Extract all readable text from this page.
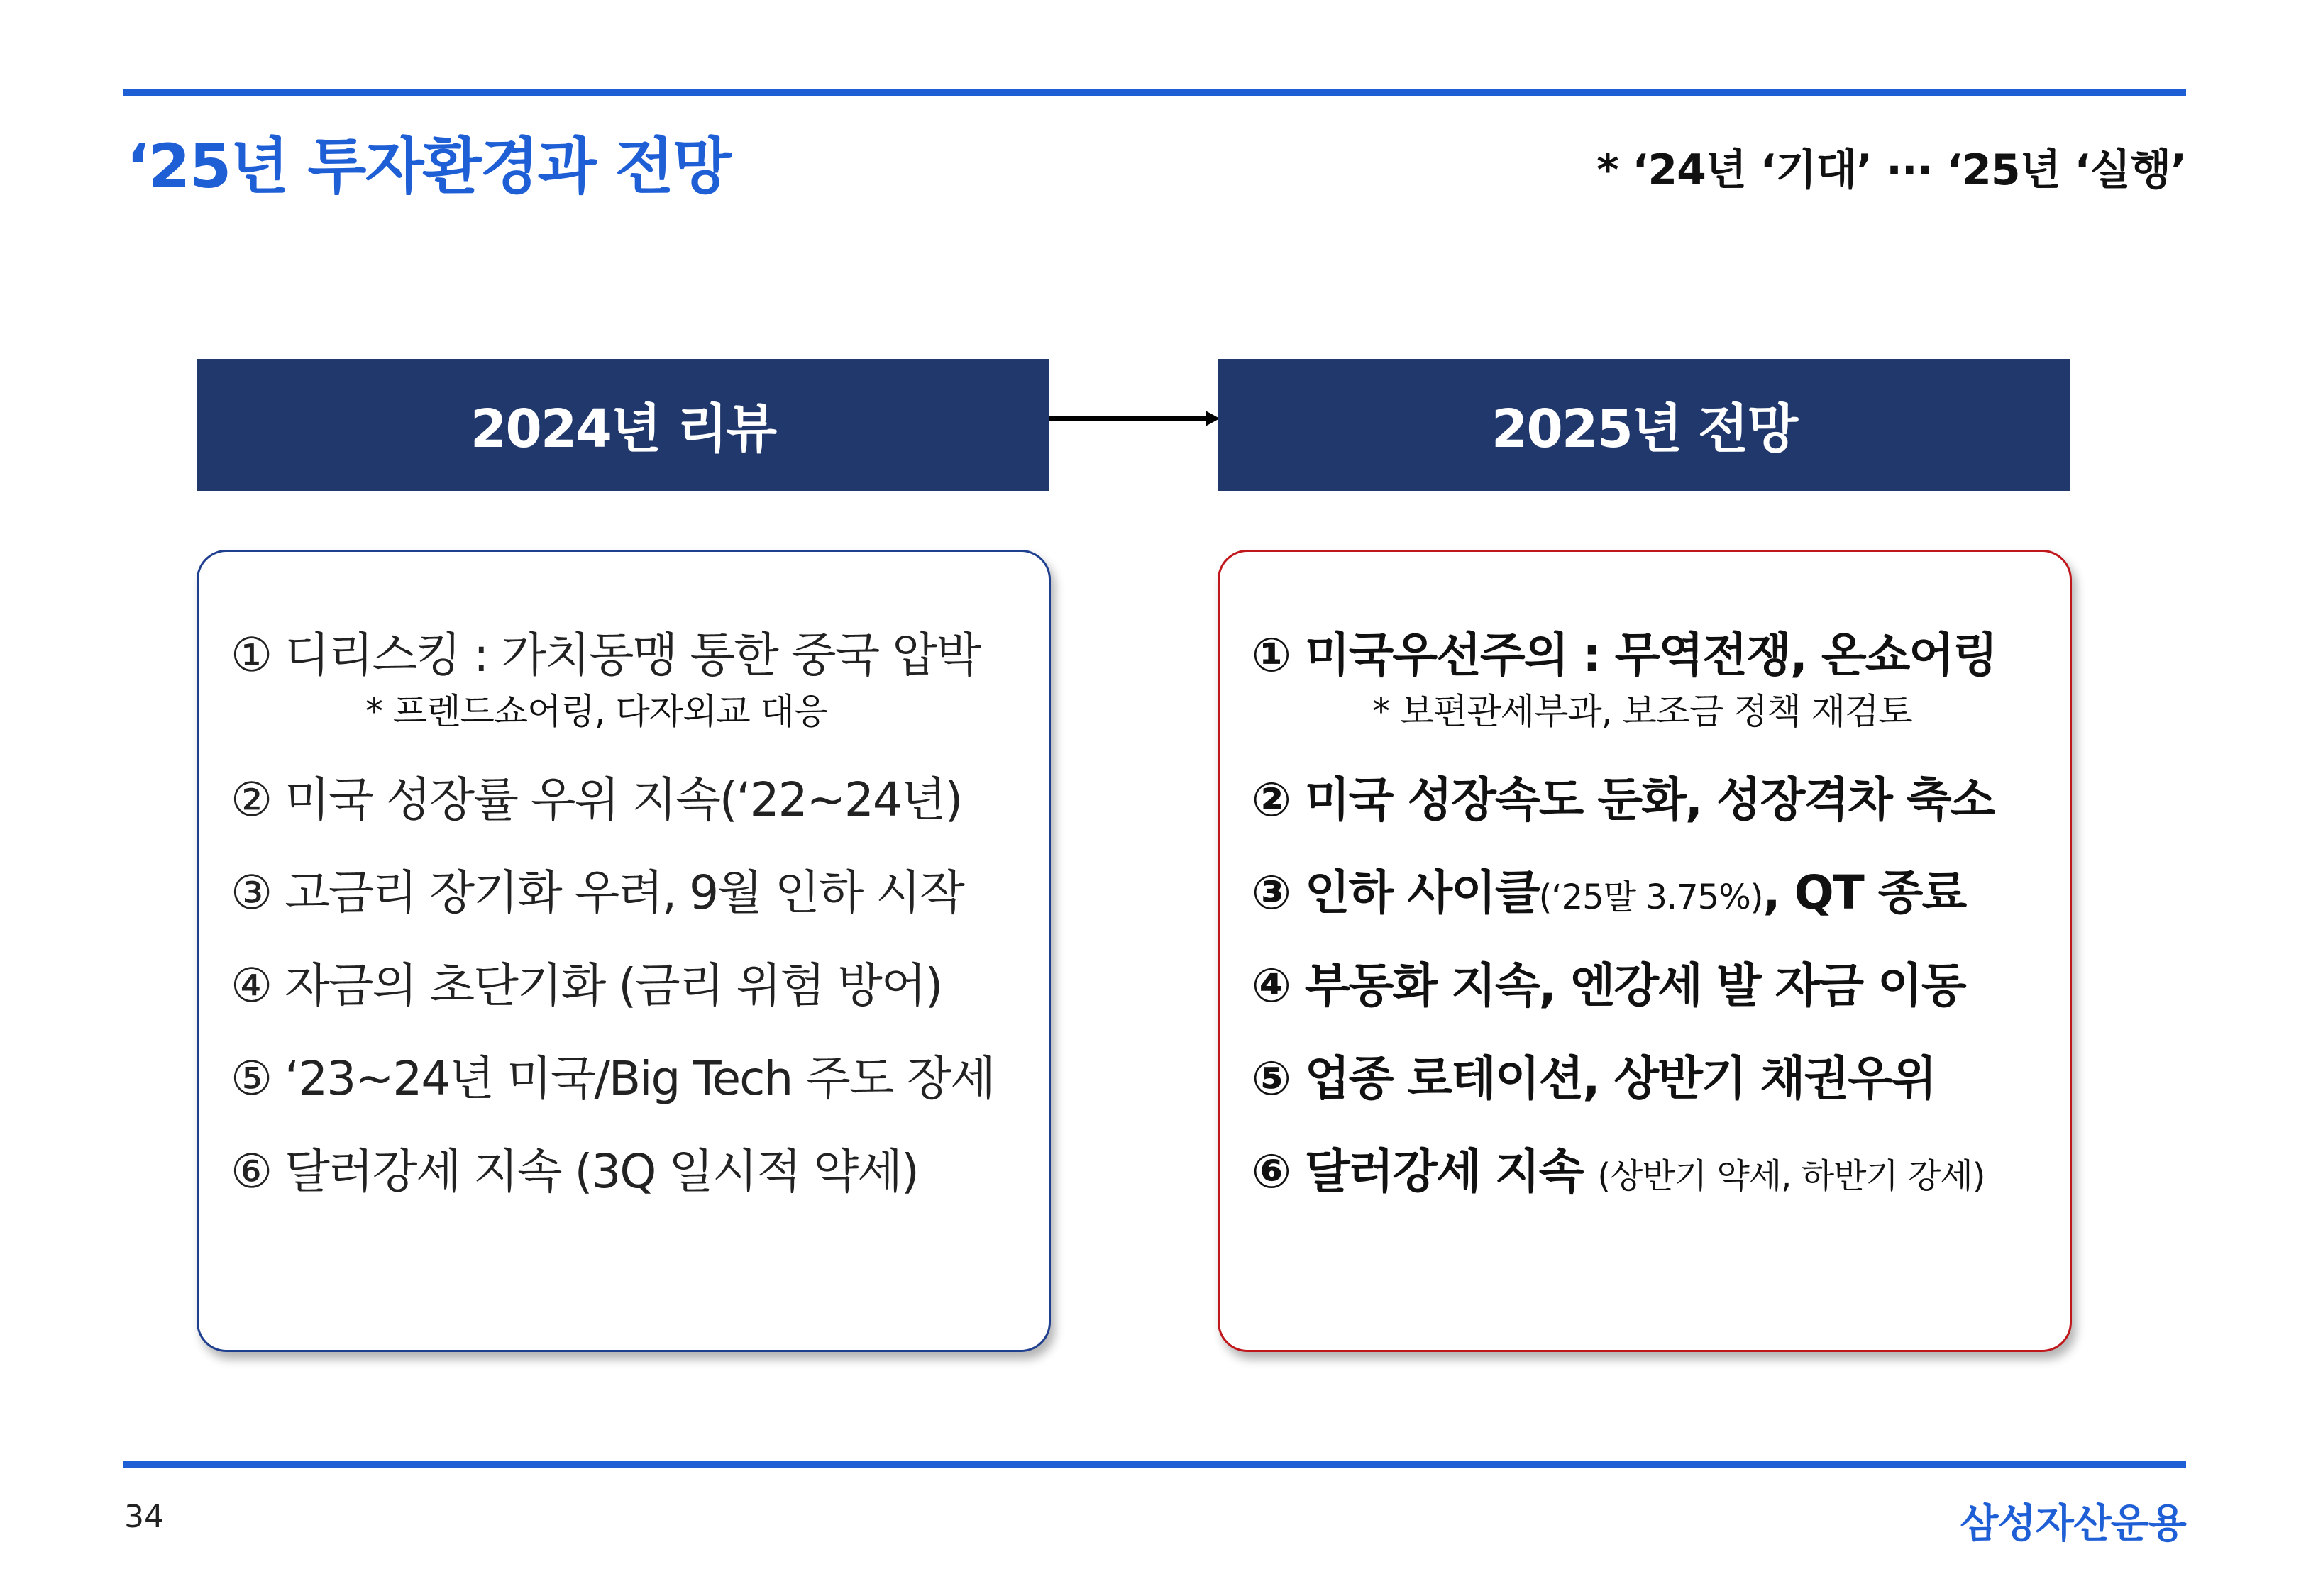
‘25년 투자환경과 전망	* ‘24년 ‘기대’ ··· ‘25년 ‘실행’
2024년 리뷰	2025년 전망
① 디리스킹 : 가치동맹 통한 중국 압박
* 프렌드쇼어링, 다자외교 대응
② 미국 성장률 우위 지속(‘22~24년)
③ 고금리 장기화 우려, 9월 인하 시작
④ 자금의 초단기화 (금리 위험 방어)
⑤ ‘23~24년 미국/Big Tech 주도 장세
⑥ 달러강세 지속 (3Q 일시적 약세)
① 미국우선주의 : 무역전쟁, 온쇼어링
* 보편관세부과, 보조금 정책 재검토
② 미국 성장속도 둔화, 성장격차 축소
③ 인하 사이클(‘25말 3.75%), QT 종료
④ 부동화 지속, 엔강세 발 자금 이동
⑤ 업종 로테이션, 상반기 채권우위
⑥ 달러강세 지속 (상반기 약세, 하반기 강세)
34	삼성자산운용
